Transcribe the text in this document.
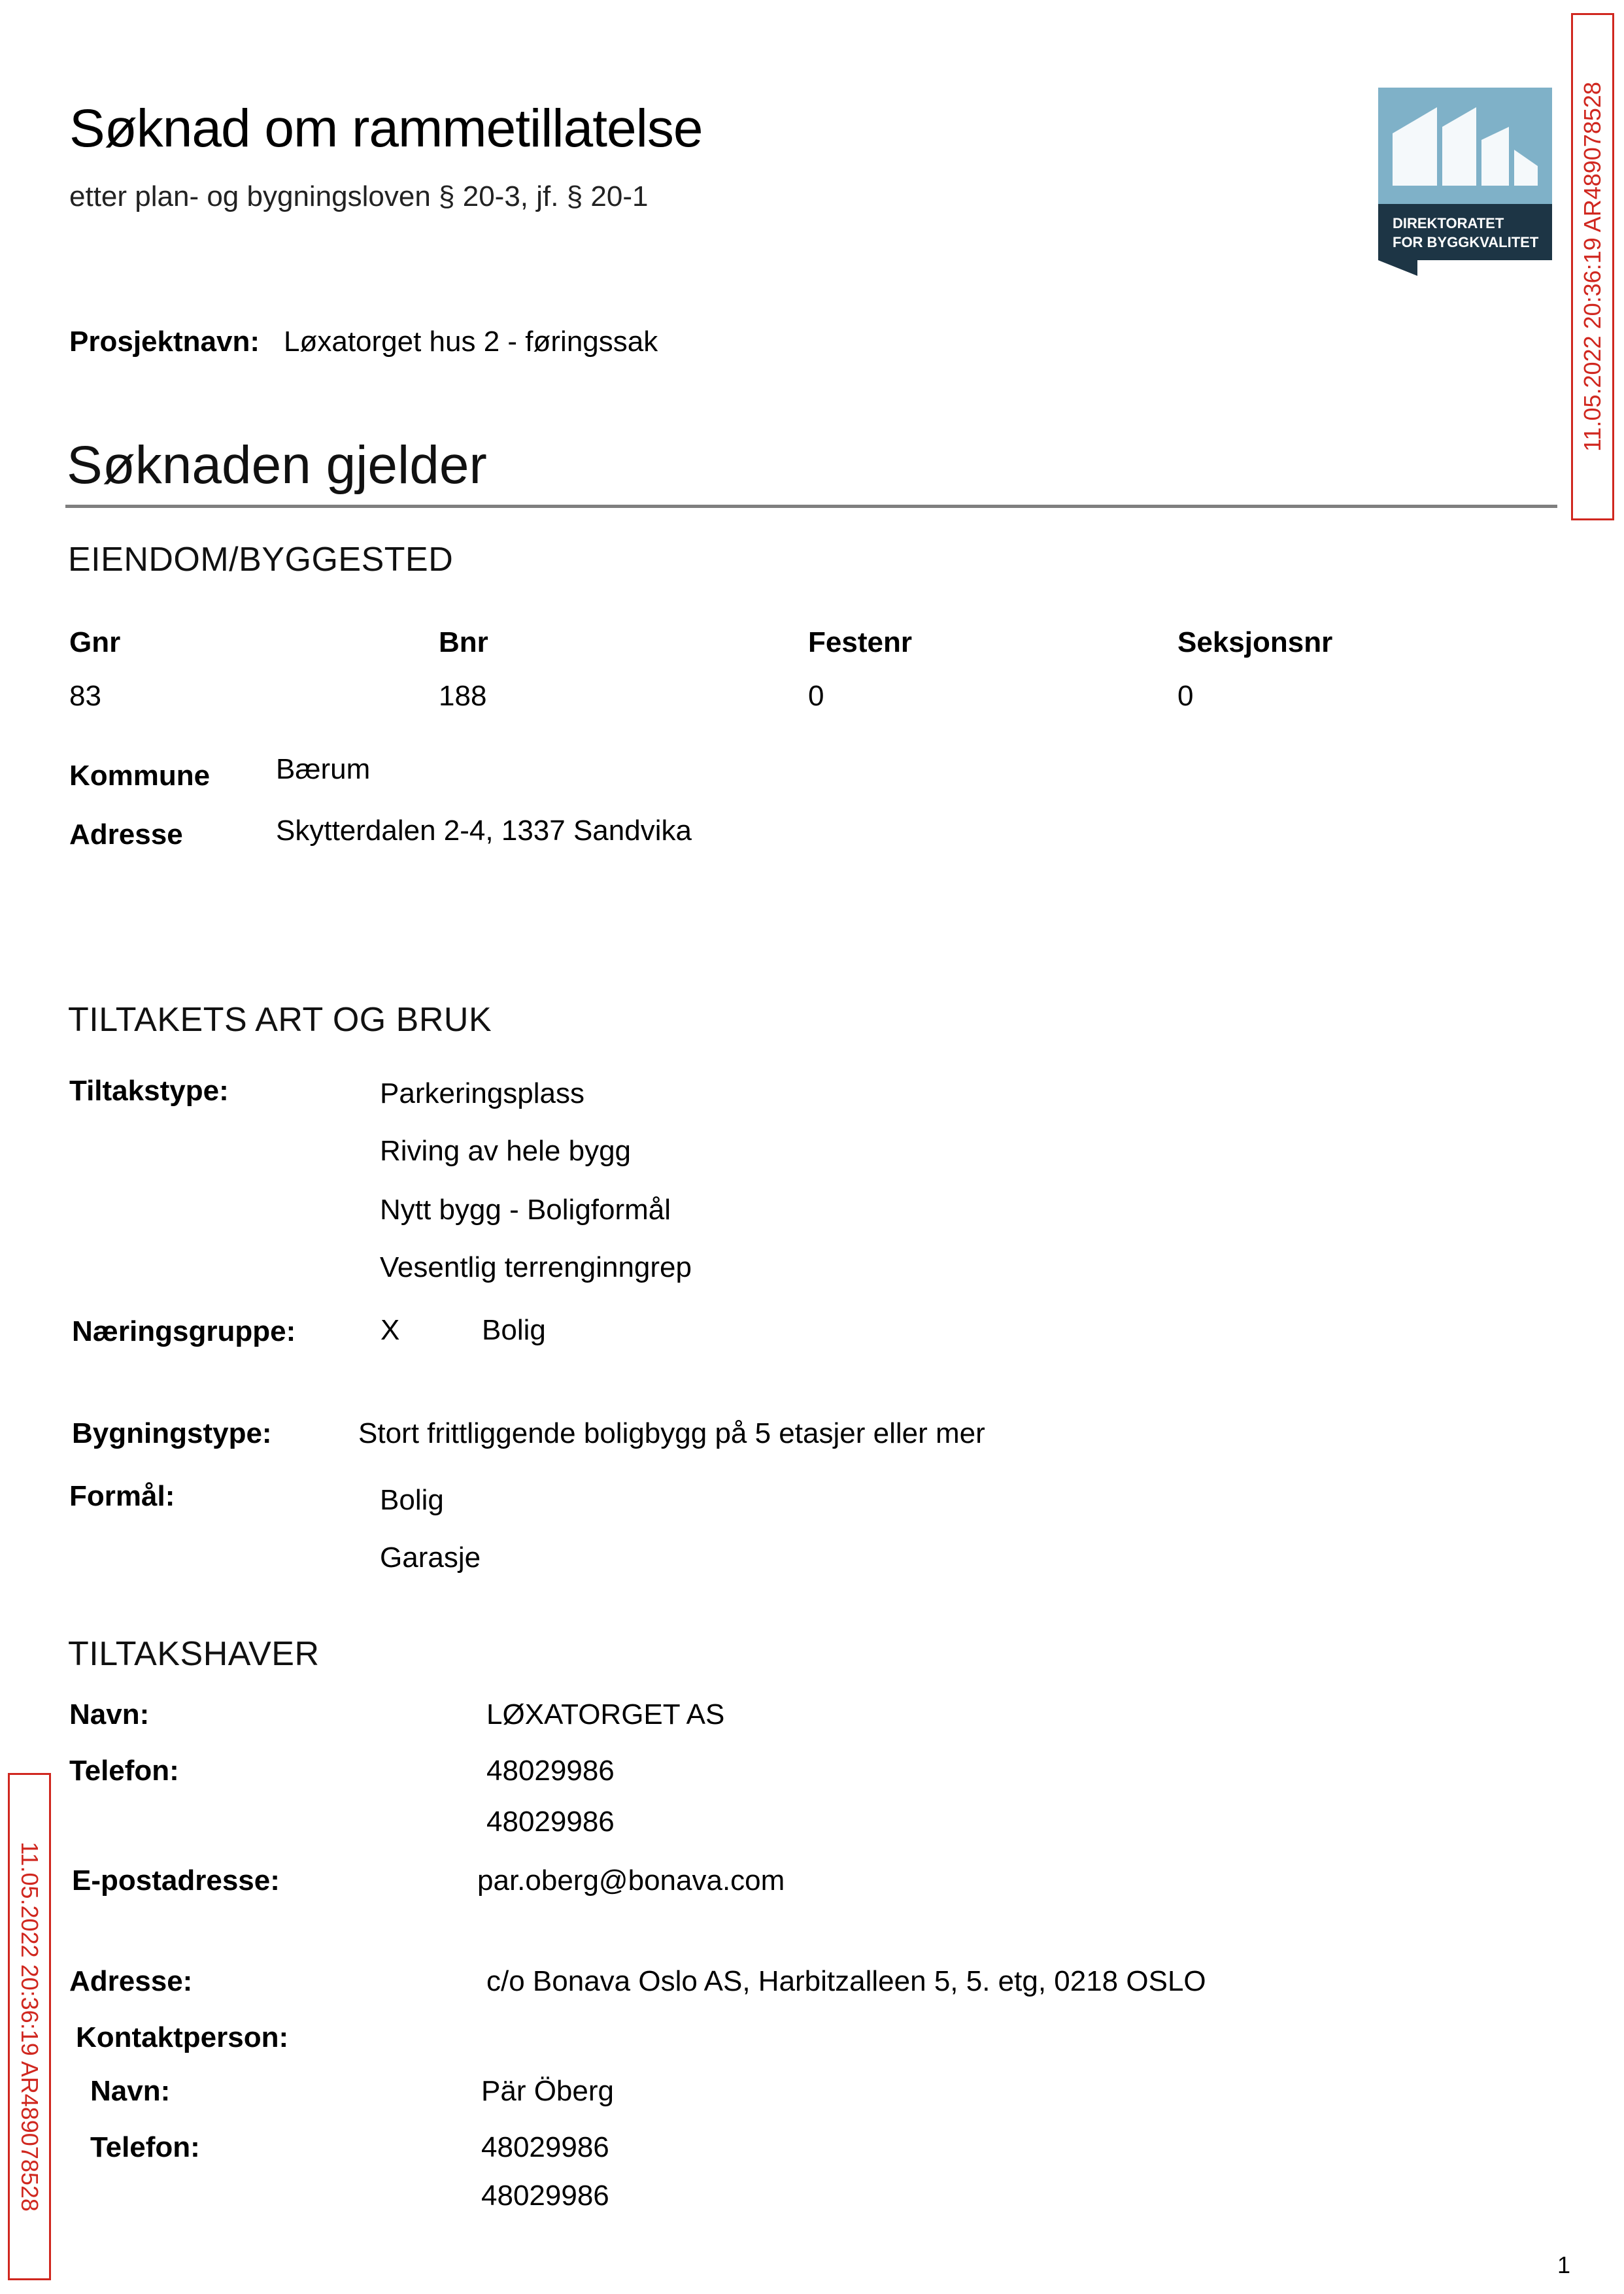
Søknad om rammetillatelse
etter plan- og bygningsloven § 20-3, jf. § 20-1
DIREKTORATET
FOR BYGGKVALITET 11.05.2022 20:36:19 AR489078528
11.05.2022 20:36:19 AR489078528
Prosjektnavn: Løxatorget hus 2 - føringssak
Søknaden gjelder
EIENDOM/BYGGESTED
Gnr	Bnr	Festenr	Seksjonsnr
83	188	0	0
Kommune Bærum
Adresse	Skytterdalen 2-4, 1337 Sandvika
TILTAKETS ART OG BRUK
Tiltakstype:	Parkeringsplass
Riving av hele bygg
Nytt bygg - Boligformål
Vesentlig terrenginngrep
Næringsgruppe:	X	Bolig
Bygningstype:	Stort frittliggende boligbygg på 5 etasjer eller mer
Formål:	Bolig
Garasje
TILTAKSHAVER
Navn:	LØXATORGET AS
Telefon:	48029986
48029986
E-postadresse:	par.oberg@bonava.com
Adresse:	c/o Bonava Oslo AS, Harbitzalleen 5, 5. etg, 0218 OSLO
Kontaktperson:
Navn:	Pär Öberg
Telefon:	48029986
48029986
1
